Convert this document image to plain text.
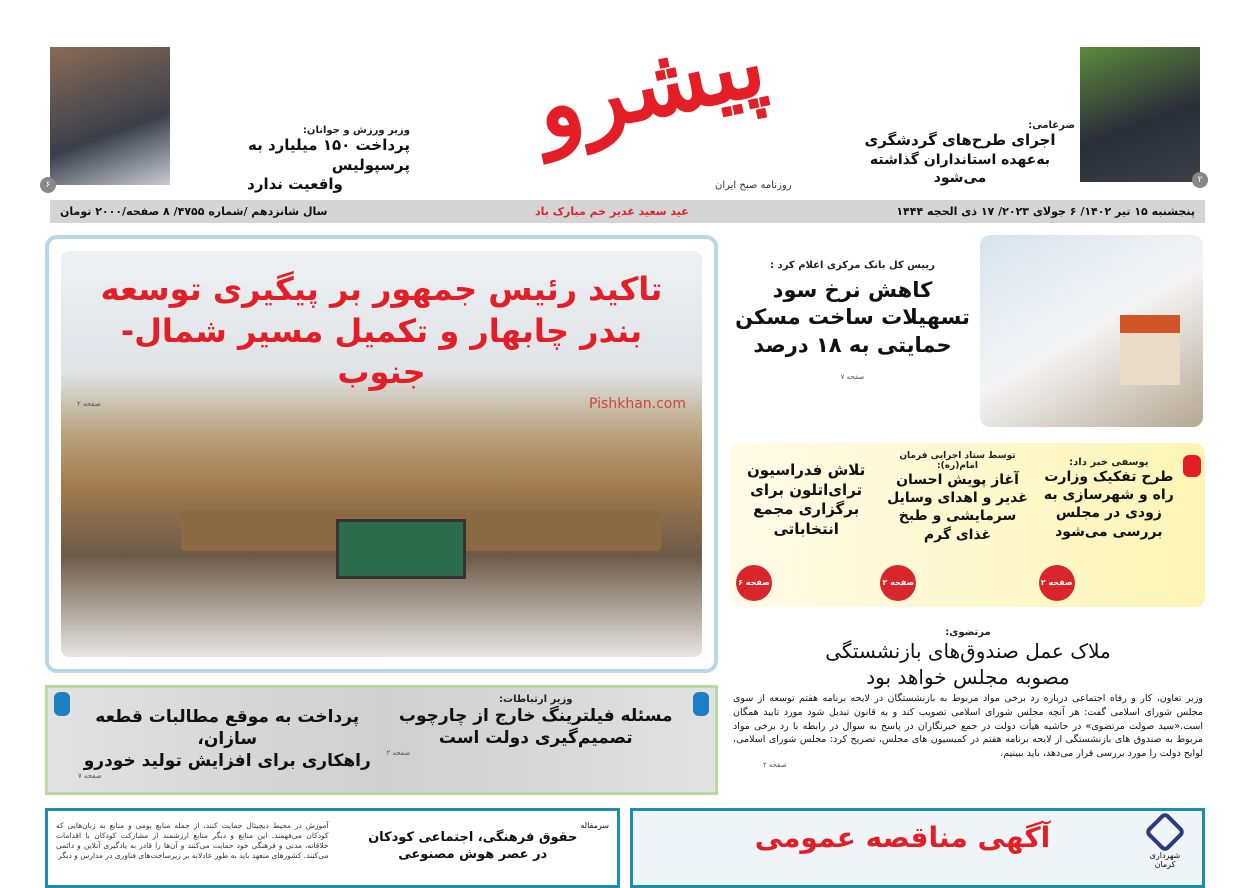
۶
وزیر ورزش و جوانان:
پرداخت ۱۵۰ میلیارد به پرسپولیس
واقعیت ندارد
پیشرو
روزنامه صبح ایران
ضرغامی:
اجرای طرح‌های گردشگری
به‌عهده استانداران گذاشته می‌شود	۲
پنجشنبه ۱۵ تیر ۱۴۰۲/ ۶ جولای ۲۰۲۳/ ۱۷ ذی الحجه ۱۴۴۴
عید سعید غدیر خم مبارک باد
سال شانزدهم /شماره ۴۷۵۵/ ۸ صفحه/۲۰۰۰ تومان
تاکید رئیس جمهور بر پیگیری توسعه
بندر چابهار و تکمیل مسیر شمال-جنوب
صفحه ۲	Pishkhan.com
رییس کل بانک مرکزی اعلام کرد :
کاهش نرخ سود
تسهیلات ساخت مسکن
حمایتی به ۱۸ درصد
صفحه ۷
یوسفی خبر داد:
طرح تفکیک وزارت راه و شهرسازی به زودی در مجلس بررسی می‌شود
صفحه ۲
توسط ستاد اجرایی فرمان امام(ره):
آغاز پویش احسان غدیر و اهدای وسایل سرمایشی و طبخ غذای گرم
صفحه ۲
تلاش فدراسیون ترای‌اتلون برای برگزاری مجمع انتخاباتی
صفحه ۶
مرتضوی:
ملاک عمل صندوق‌های بازنشستگی
مصوبه مجلس خواهد بود
وزیر تعاون، کار و رفاه اجتماعی درباره رد برخی مواد مربوط به بازنشستگان در لایحه برنامه هفتم توسعه از سوی مجلس شورای اسلامی گفت: هر آنچه مجلس شورای اسلامی تصویب کند و به قانون تبدیل شود مورد تایید همگان است.«سید صولت مرتضوی» در حاشیه هیأت دولت در جمع خبرنگاران در پاسخ به سوال در رابطه با رد برخی مواد مربوط به صندوق های بازنشستگی از لایحه برنامه هفتم در کمیسیون های مجلس، تصریح کرد: مجلس شورای اسلامی، لوایح دولت را مورد بررسی قرار می‌دهد، باید ببینیم.
صفحه ۲
وزیر ارتباطات:
مسئله فیلترینگ خارج از چارچوب
تصمیم‌گیری دولت است
صفحه ۲
پرداخت به موقع مطالبات قطعه سازان،
راهکاری برای افزایش تولید خودرو
صفحه ۷
سرمقاله
حقوق فرهنگی، اجتماعی کودکان
در عصر هوش مصنوعی
آموزش در محیط دیجیتال حمایت کنند، از جمله منابع بومی و منابع به زبان‌هایی که کودکان می‌فهمند. این منابع و دیگر منابع ارزشمند از مشارکت کودکان با اقدامات خلاقانه، مدنی و فرهنگی خود حمایت می‌کنند و آن‌ها را قادر به یادگیری آنلاین و دائمی می‌کنند. کشورهای متعهد باید به طور عادلانه بر زیرساخت‌های فناوری در مدارس و دیگر	شهرداری کرمان
آگهی مناقصه عمومی
